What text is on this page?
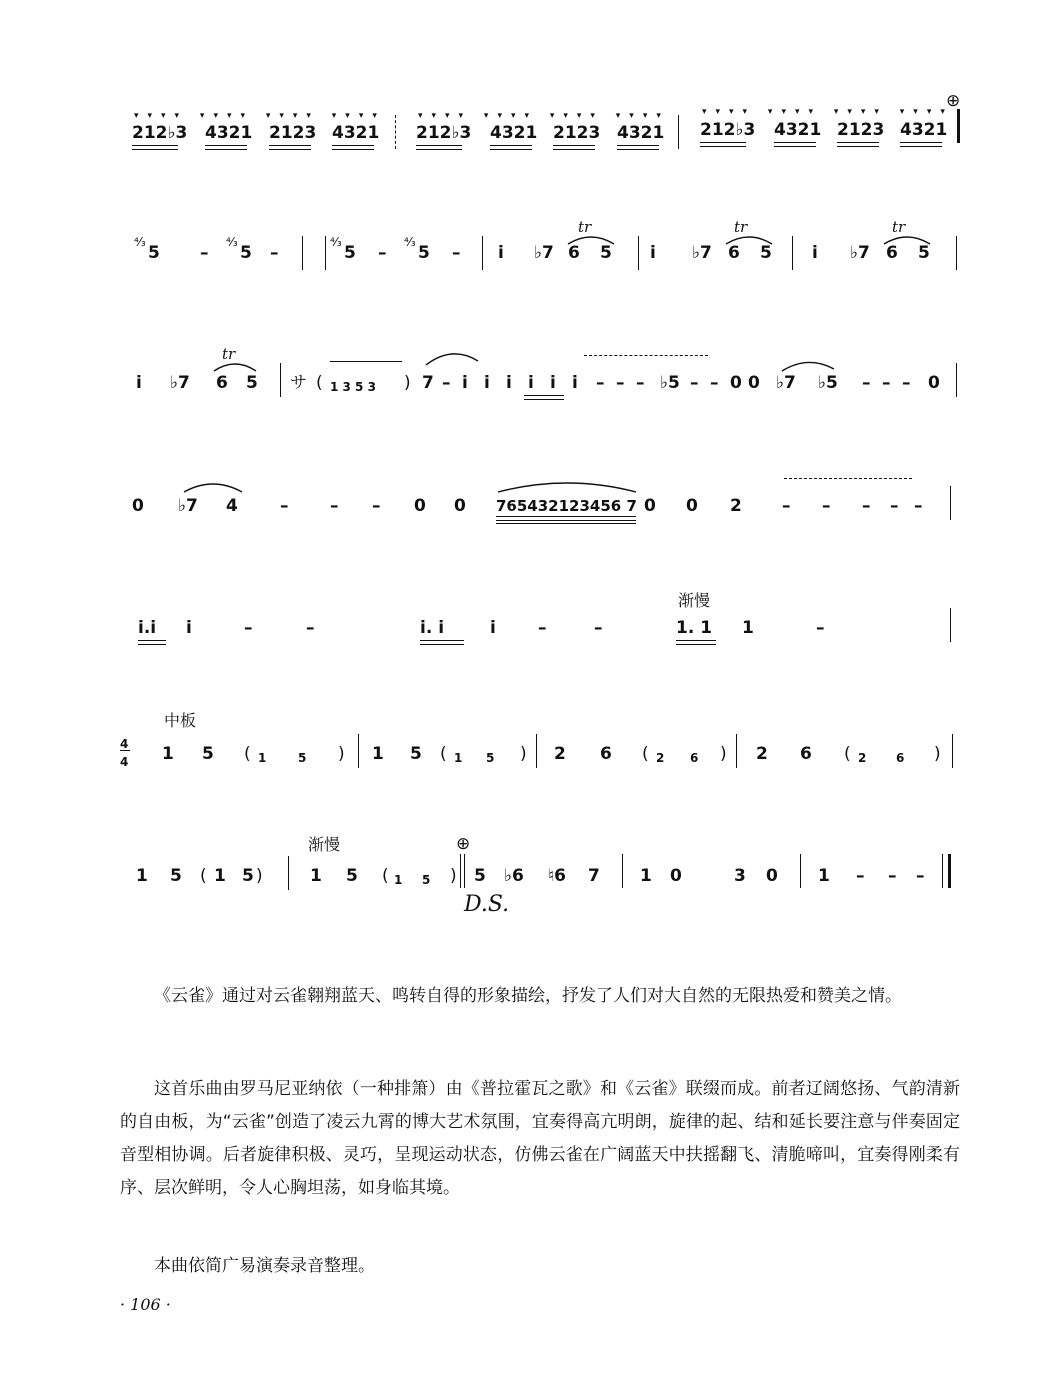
⊕
▾▾▾▾ ▾▾▾▾ ▾▾▾▾ ▾▾▾▾
212♭3 4321 2123 4321
▾▾▾▾ ▾▾▾▾ ▾▾▾▾ ▾▾▾▾
212♭3 4321 2123 4321
▾▾▾▾ ▾▾▾▾ ▾▾▾▾ ▾▾▾▾
212♭3 4321 2123 4321
⁴⁄₃
5 –
⁴⁄₃
5 –
⁴⁄₃
5 –
⁴⁄₃
5 – i ♭7
tr
6 5 i ♭7
tr
6 5 i ♭7
tr
6 5
i ♭7
tr
6 5 サ ( 1 3 5 3 ) 7 – i i i i i i – – – ♭5 – – 0 0 ♭7 ♭5 – – – 0
0 ♭7 4 – – – 0 0 765432123456 7 0 0 2 – – – – –
渐慢
i.i i	–	–	i. i	i –	–	1. 1 1	–
中板
4
4 1 5 ( 1	5 ) 1 5 ( 1 5 ) 2 6 ( 2 6 ) 2 6 ( 2 6 )
渐慢	⊕
1 5 ( 1 5 )	1 5 ( 1 5 ) 5 ♭6 ♮6 7 1 0	3 0 1 – – –
D.S.

《云雀》通过对云雀翱翔蓝天、鸣转自得的形象描绘，抒发了人们对大自然的无限热爱和赞美之情。

这首乐曲由罗马尼亚纳依（一种排箫）由《普拉霍瓦之歌》和《云雀》联缀而成。前者辽阔悠扬、气韵清新的自由板，为“云雀”创造了凌云九霄的博大艺术氛围，宜奏得高亢明朗，旋律的起、结和延长要注意与伴奏固定音型相协调。后者旋律积极、灵巧，呈现运动状态，仿佛云雀在广阔蓝天中扶摇翻飞、清脆啼叫，宜奏得刚柔有序、层次鲜明，令人心胸坦荡，如身临其境。

本曲依简广易演奏录音整理。

· 106 ·
